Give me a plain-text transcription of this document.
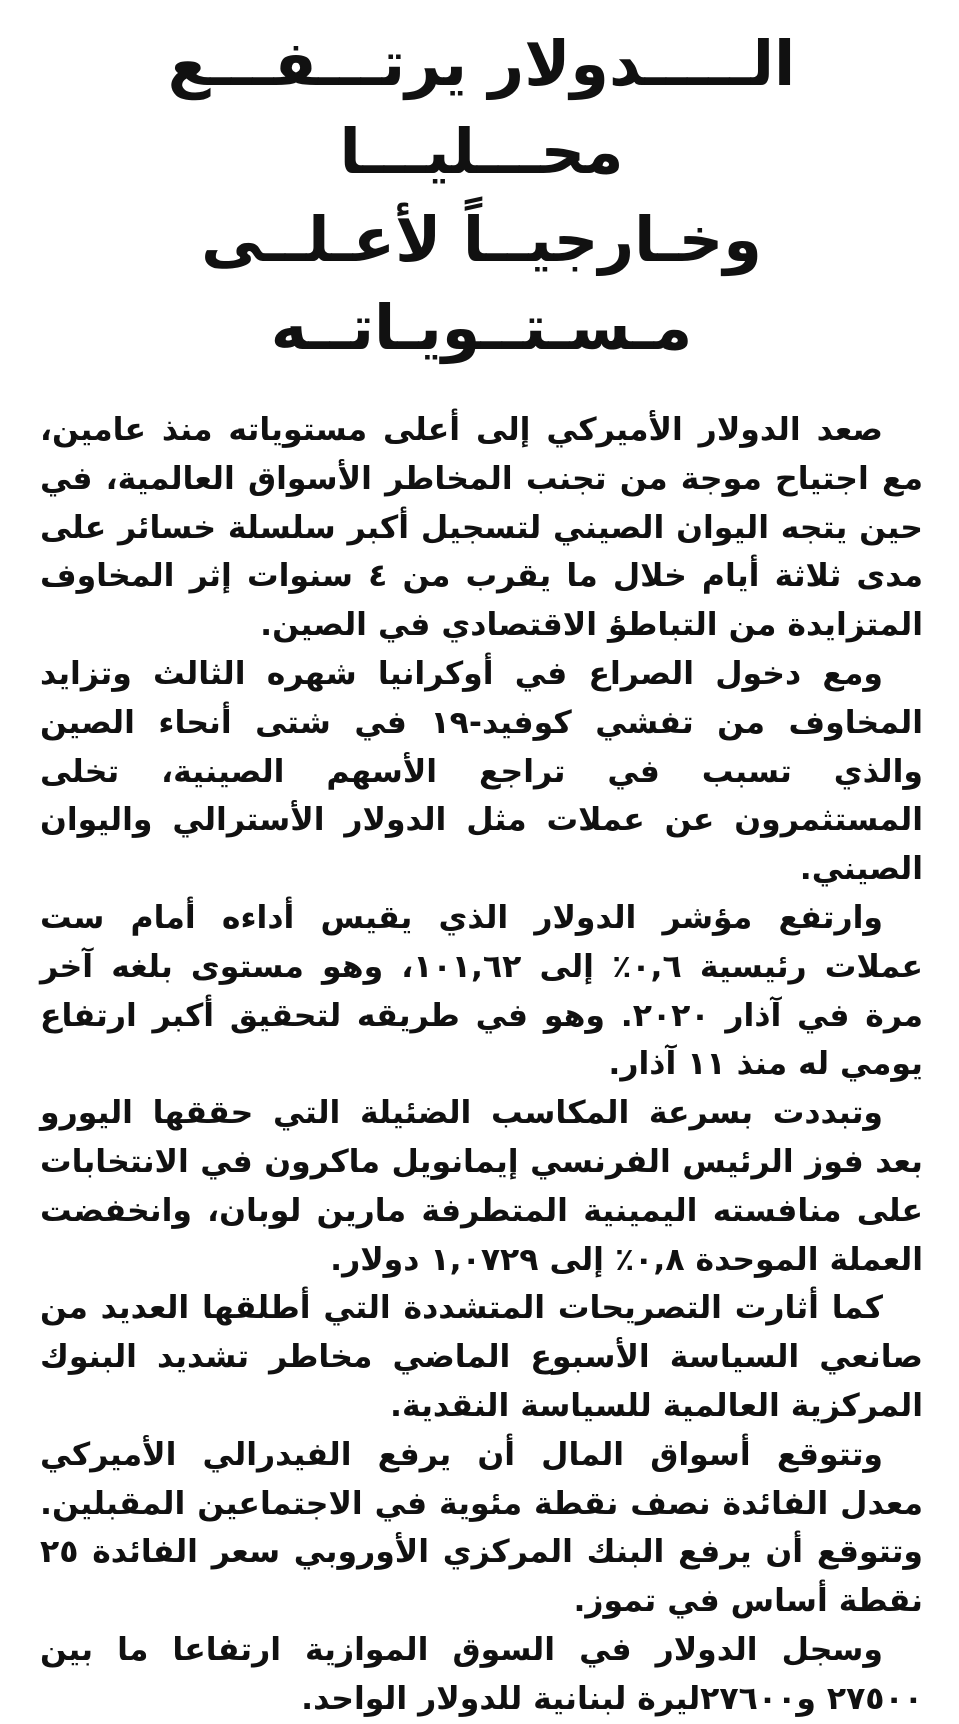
الـــــدولار يرتـــفـــع محـــليـــا
وخـارجيــاً لأعـلــى مـسـتــويـاتــه

صعد الدولار الأميركي إلى أعلى مستوياته منذ عامين، مع اجتياح موجة من تجنب المخاطر الأسواق العالمية، في حين يتجه اليوان الصيني لتسجيل أكبر سلسلة خسائر على مدى ثلاثة أيام خلال ما يقرب من ٤ سنوات إثر المخاوف المتزايدة من التباطؤ الاقتصادي في الصين.

ومع دخول الصراع في أوكرانيا شهره الثالث وتزايد المخاوف من تفشي كوفيد-١٩ في شتى أنحاء الصين والذي تسبب في تراجع الأسهم الصينية، تخلى المستثمرون عن عملات مثل الدولار الأسترالي واليوان الصيني.

وارتفع مؤشر الدولار الذي يقيس أداءه أمام ست عملات رئيسية ٠,٦٪ إلى ١٠١,٦٢، وهو مستوى بلغه آخر مرة في آذار ٢٠٢٠. وهو في طريقه لتحقيق أكبر ارتفاع يومي له منذ ١١ آذار.

وتبددت بسرعة المكاسب الضئيلة التي حققها اليورو بعد فوز الرئيس الفرنسي إيمانويل ماكرون في الانتخابات على منافسته اليمينية المتطرفة مارين لوبان، وانخفضت العملة الموحدة ٠,٨٪ إلى ١,٠٧٢٩ دولار.

كما أثارت التصريحات المتشددة التي أطلقها العديد من صانعي السياسة الأسبوع الماضي مخاطر تشديد البنوك المركزية العالمية للسياسة النقدية.

وتتوقع أسواق المال أن يرفع الفيدرالي الأميركي معدل الفائدة نصف نقطة مئوية في الاجتماعين المقبلين. وتتوقع أن يرفع البنك المركزي الأوروبي سعر الفائدة ٢٥ نقطة أساس في تموز.

وسجل الدولار في السوق الموازية ارتفاعا ما بين ٢٧٥٠٠ و٢٧٦٠٠ليرة لبنانية للدولار الواحد.
